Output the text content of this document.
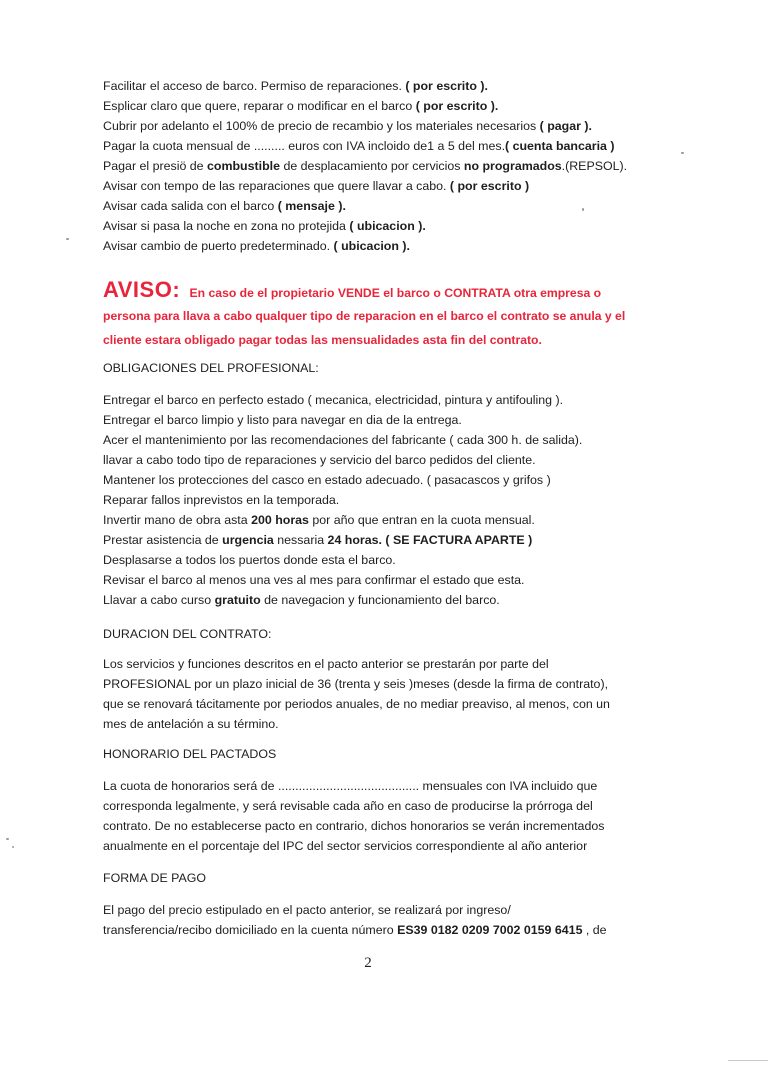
Facilitar el acceso de barco. Permiso de reparaciones. ( por escrito ).
Esplicar claro que quere, reparar o modificar en el barco ( por escrito ).
Cubrir por adelanto el 100% de precio de recambio y los materiales necesarios ( pagar ).
Pagar la cuota mensual de ......... euros con IVA incloido de1 a 5 del mes.( cuenta bancaria )
Pagar el presiö de combustible de desplacamiento por cervicios no programados.(REPSOL).
Avisar con tempo de las reparaciones que quere llavar a cabo. ( por escrito )
Avisar cada salida con el barco ( mensaje ).
Avisar si pasa la noche en zona no protejida ( ubicacion ).
Avisar cambio de puerto predeterminado. ( ubicacion ).
AVISO: En caso de el propietario VENDE el barco o CONTRATA otra empresa o
persona para llava a cabo qualquer tipo de reparacion en el barco el contrato se anula y el
cliente estara obligado pagar todas las mensualidades asta fin del contrato.
OBLIGACIONES DEL PROFESIONAL:
Entregar el barco en perfecto estado ( mecanica, electricidad, pintura y antifouling ).
Entregar el barco limpio y listo para navegar en dia de la entrega.
Acer el mantenimiento por las recomendaciones del fabricante ( cada 300 h. de salida).
llavar a cabo todo tipo de reparaciones y servicio del barco pedidos del cliente.
Mantener los protecciones del casco en estado adecuado. ( pasacascos y grifos )
Reparar fallos inprevistos en la temporada.
Invertir mano de obra asta 200 horas por año que entran en la cuota mensual.
Prestar asistencia de urgencia nessaria 24 horas. ( SE FACTURA APARTE )
Desplasarse a todos los puertos donde esta el barco.
Revisar el barco al menos una ves al mes para confirmar el estado que esta.
Llavar a cabo curso gratuito de navegacion y funcionamiento del barco.
DURACION DEL CONTRATO:
Los servicios y funciones descritos en el pacto anterior se prestarán por parte del
PROFESIONAL por un plazo inicial de 36 (trenta y seis )meses (desde la firma de contrato),
que se renovará tácitamente por periodos anuales, de no mediar preaviso, al menos, con un
mes de antelación a su término.
HONORARIO DEL PACTADOS
La cuota de honorarios será de ......................................... mensuales con IVA incluido que
corresponda legalmente, y será revisable cada año en caso de producirse la prórroga del
contrato. De no establecerse pacto en contrario, dichos honorarios se verán incrementados
anualmente en el porcentaje del IPC del sector servicios correspondiente al año anterior
FORMA DE PAGO
El pago del precio estipulado en el pacto anterior, se realizará por ingreso/
transferencia/recibo domiciliado en la cuenta número ES39 0182 0209 7002 0159 6415 , de
2
